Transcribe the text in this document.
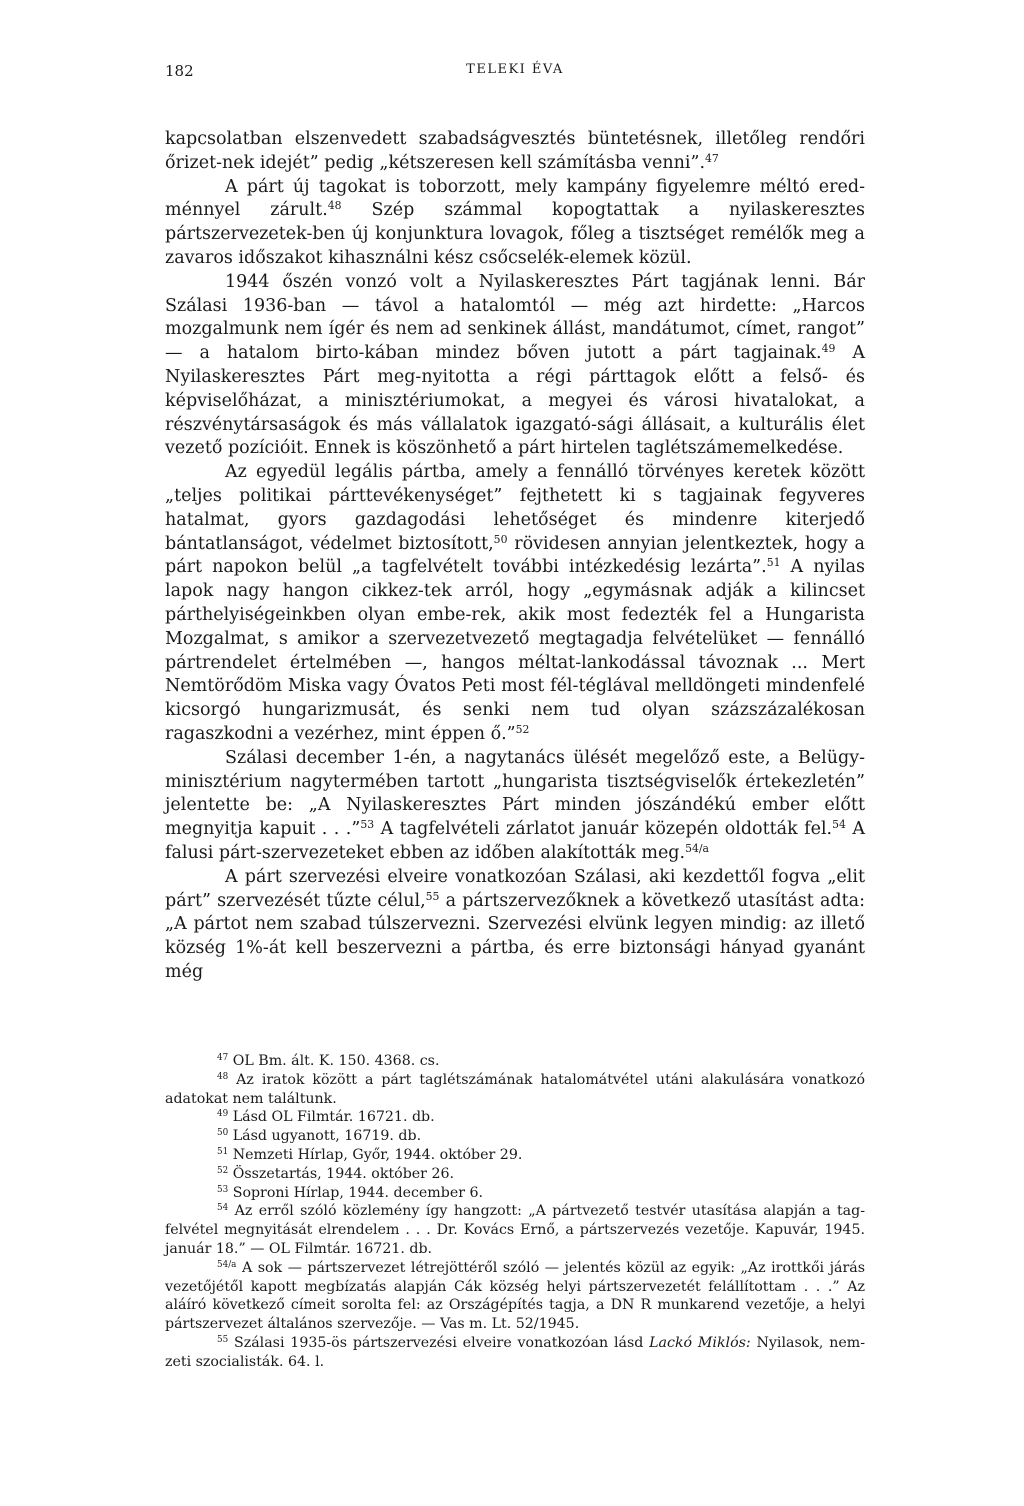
182	TELEKI ÉVA

kapcsolatban elszenvedett szabadságvesztés büntetésnek, illetőleg rendőri őrizet-nek idejét” pedig „kétszeresen kell számításba venni”.$^{47}$

A párt új tagokat is toborzott, mely kampány figyelemre méltó ered-ménnyel zárult.$^{48}$ Szép számmal kopogtattak a nyilaskeresztes pártszervezetek-ben új konjunktura lovagok, főleg a tisztséget remélők meg a zavaros időszakot kihasználni kész csőcselék-elemek közül.

1944 őszén vonzó volt a Nyilaskeresztes Párt tagjának lenni. Bár Szálasi 1936-ban — távol a hatalomtól — még azt hirdette: „Harcos mozgalmunk nem ígér és nem ad senkinek állást, mandátumot, címet, rangot” — a hatalom birto-kában mindez bőven jutott a párt tagjainak.$^{49}$ A Nyilaskeresztes Párt meg-nyitotta a régi párttagok előtt a felső- és képviselőházat, a minisztériumokat, a megyei és városi hivatalokat, a részvénytársaságok és más vállalatok igazgató-sági állásait, a kulturális élet vezető pozícióit. Ennek is köszönhető a párt hirtelen taglétszámemelkedése.

Az egyedül legális pártba, amely a fennálló törvényes keretek között „teljes politikai párttevékenységet” fejthetett ki s tagjainak fegyveres hatalmat, gyors gazdagodási lehetőséget és mindenre kiterjedő bántatlanságot, védelmet biztosított,$^{50}$ rövidesen annyian jelentkeztek, hogy a párt napokon belül „a tagfelvételt további intézkedésig lezárta”.$^{51}$ A nyilas lapok nagy hangon cikkez-tek arról, hogy „egymásnak adják a kilincset párthelyiségeinkben olyan embe-rek, akik most fedezték fel a Hungarista Mozgalmat, s amikor a szervezetvezető megtagadja felvételüket — fennálló pártrendelet értelmében —, hangos méltat-lankodással távoznak ... Mert Nemtörődöm Miska vagy Óvatos Peti most fél-téglával melldöngeti mindenfelé kicsorgó hungarizmusát, és senki nem tud olyan százszázalékosan ragaszkodni a vezérhez, mint éppen ő.”$^{52}$

Szálasi december 1-én, a nagytanács ülését megelőző este, a Belügy-minisztérium nagytermében tartott „hungarista tisztségviselők értekezletén” jelentette be: „A Nyilaskeresztes Párt minden jószándékú ember előtt megnyitja kapuit . . .”$^{53}$ A tagfelvételi zárlatot január közepén oldották fel.$^{54}$ A falusi párt-szervezeteket ebben az időben alakították meg.$^{54/a}$

A párt szervezési elveire vonatkozóan Szálasi, aki kezdettől fogva „elit párt” szervezését tűzte célul,$^{55}$ a pártszervezőknek a következő utasítást adta: „A pártot nem szabad túlszervezni. Szervezési elvünk legyen mindig: az illető község 1%-át kell beszervezni a pártba, és erre biztonsági hányad gyanánt még

$^{47}$ OL Bm. ált. K. 150. 4368. cs.

$^{48}$ Az iratok között a párt taglétszámának hatalomátvétel utáni alakulására vonatkozó adatokat nem találtunk.

$^{49}$ Lásd OL Filmtár. 16721. db.

$^{50}$ Lásd ugyanott, 16719. db.

$^{51}$ Nemzeti Hírlap, Győr, 1944. október 29.

$^{52}$ Összetartás, 1944. október 26.

$^{53}$ Soproni Hírlap, 1944. december 6.

$^{54}$ Az erről szóló közlemény így hangzott: „A pártvezető testvér utasítása alapján a tag-felvétel megnyitását elrendelem . . . Dr. Kovács Ernő, a pártszervezés vezetője. Kapuvár, 1945. január 18.” — OL Filmtár. 16721. db.

$^{54/a}$ A sok — pártszervezet létrejöttéről szóló — jelentés közül az egyik: „Az irottkői járás vezetőjétől kapott megbízatás alapján Cák község helyi pártszervezetét felállítottam . . .” Az aláíró következő címeit sorolta fel: az Országépítés tagja, a DN R munkarend vezetője, a helyi pártszervezet általános szervezője. — Vas m. Lt. 52/1945.

$^{55}$ Szálasi 1935-ös pártszervezési elveire vonatkozóan lásd Lackó Miklós: Nyilasok, nem-zeti szocialisták. 64. l.
